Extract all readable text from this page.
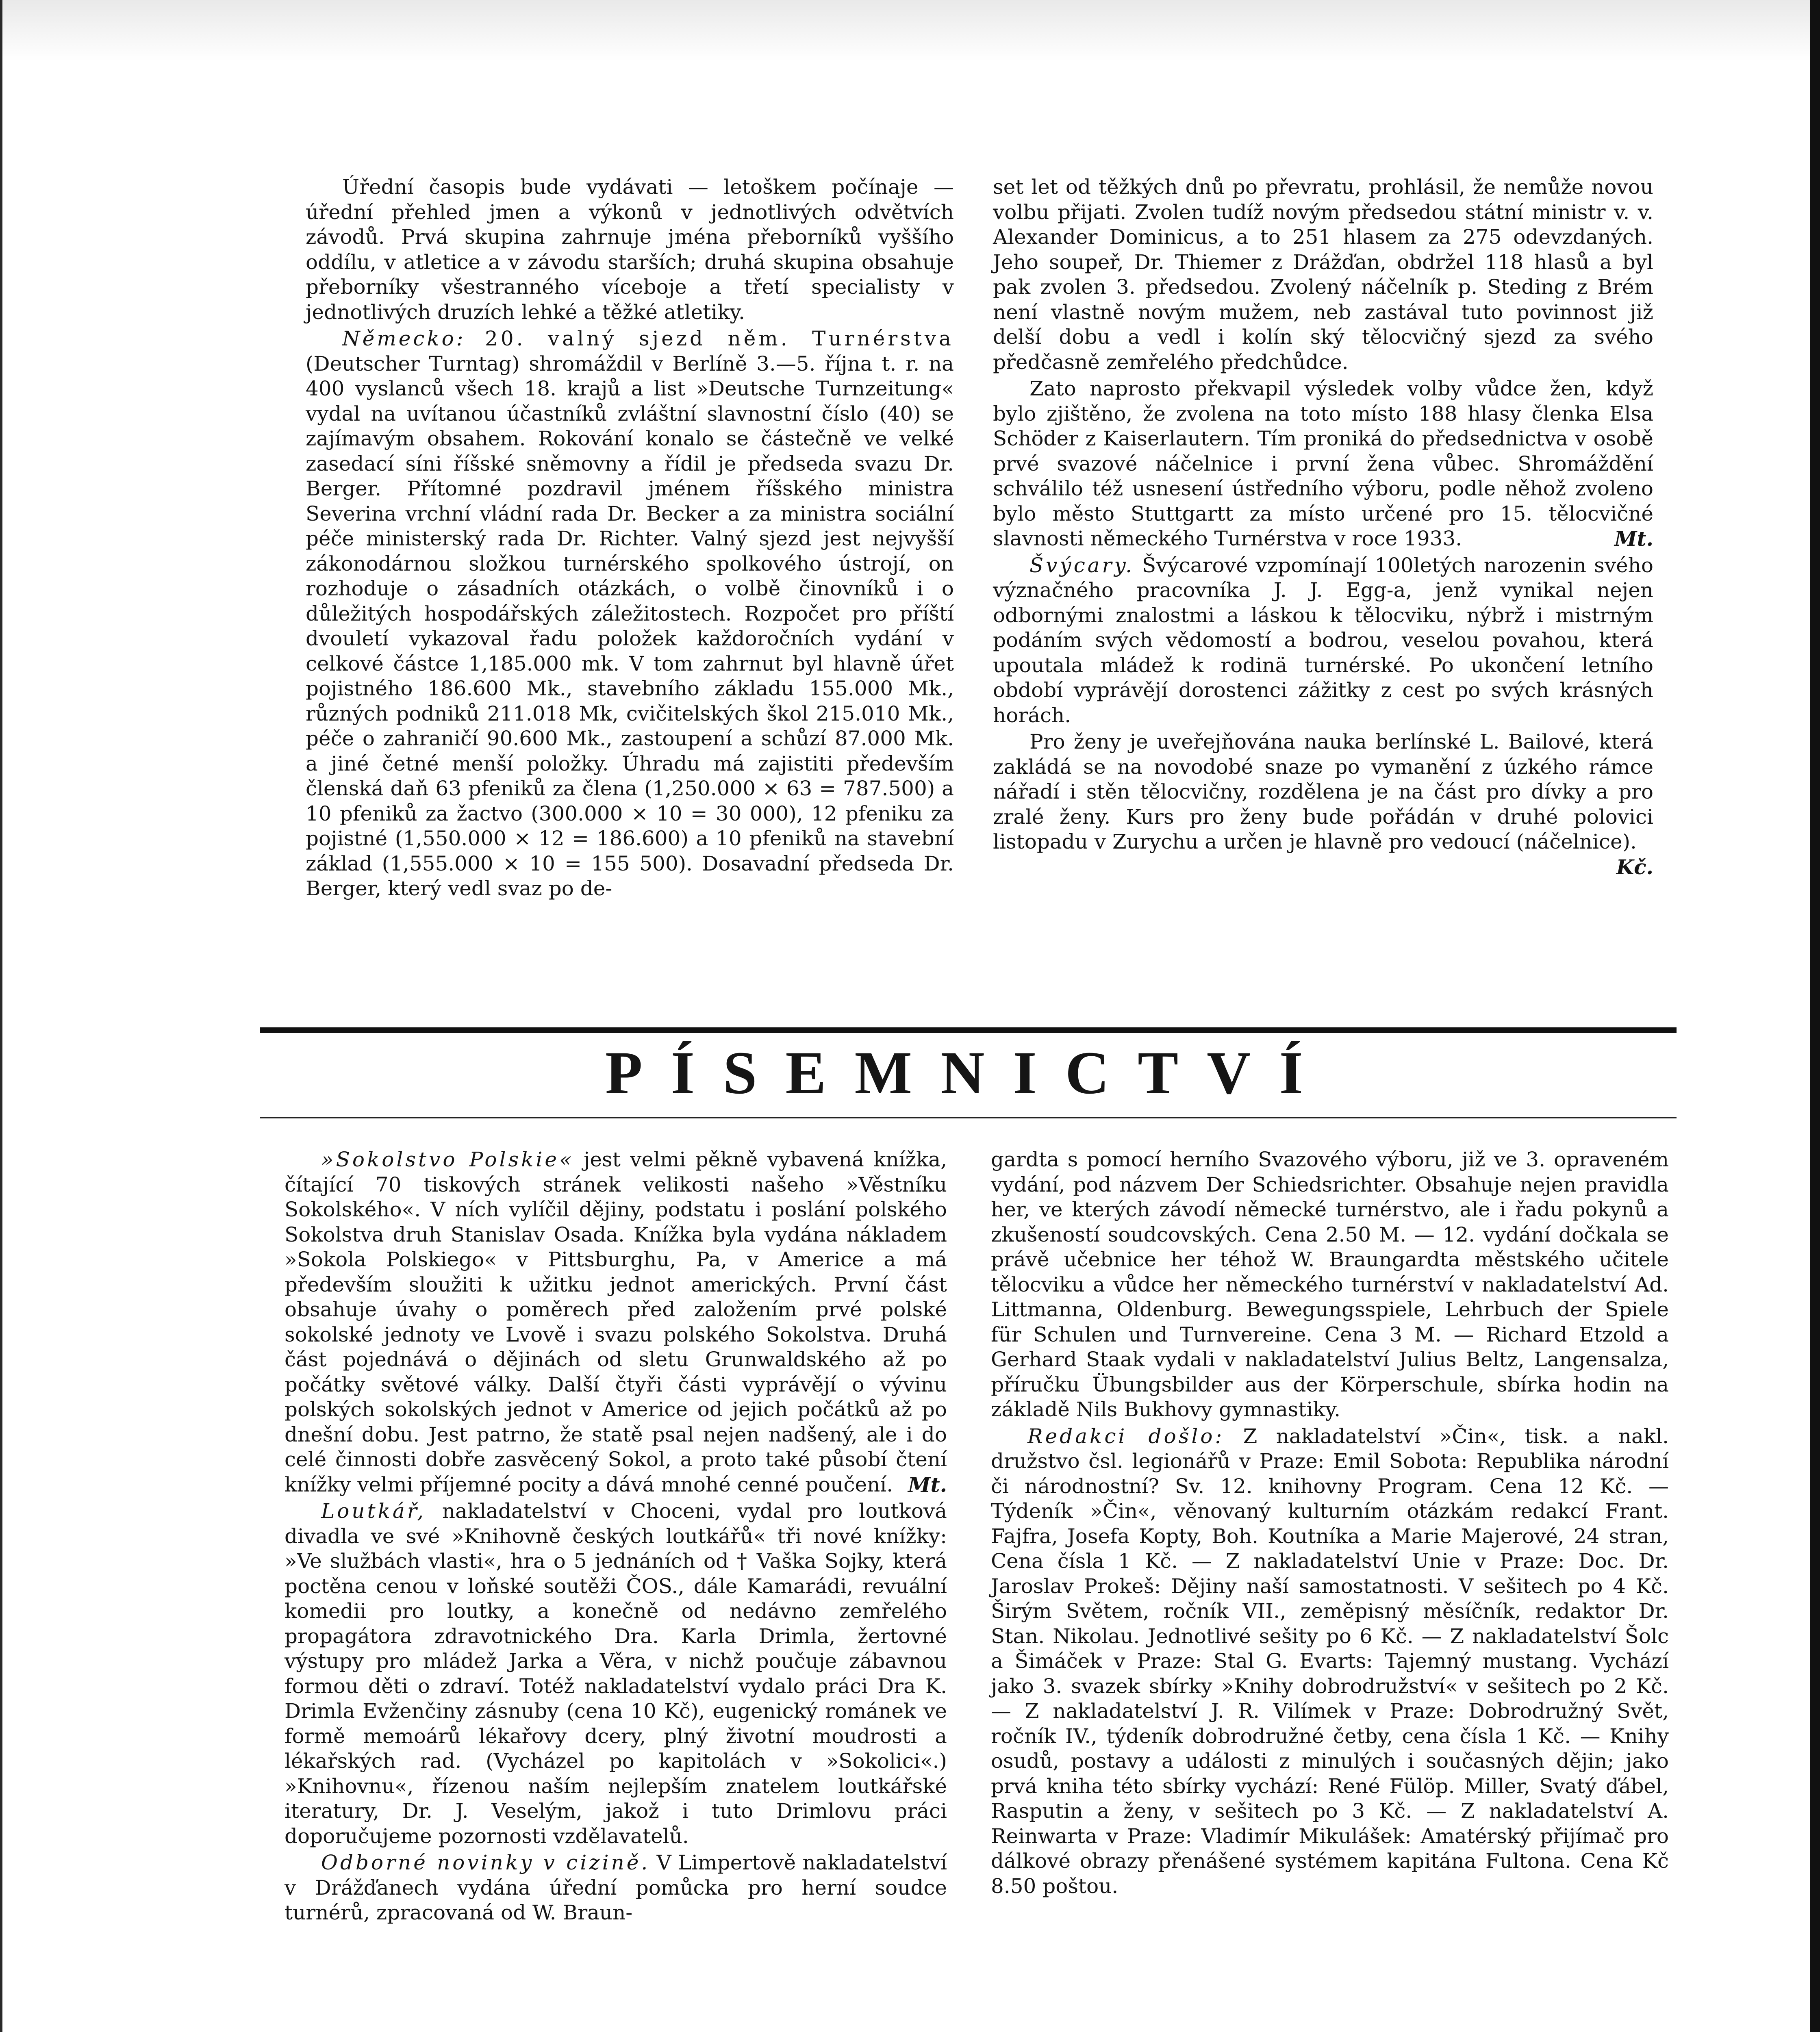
Úřední časopis bude vydávati — letoškem počínaje — úřední přehled jmen a výkonů v jednotlivých odvětvích závodů. Prvá skupina zahrnuje jména přeborníků vyššího oddílu, v atletice a v závodu starších; druhá skupina obsahuje přeborníky všestranného víceboje a třetí specialisty v jednotlivých druzích lehké a těžké atletiky.

Německo: 20. valný sjezd něm. Turnérstva (Deutscher Turntag) shromáždil v Berlíně 3.—5. října t. r. na 400 vyslanců všech 18. krajů a list »Deutsche Turnzeitung« vydal na uvítanou účastníků zvláštní slavnostní číslo (40) se zajímavým obsahem. Rokování konalo se částečně ve velké zasedací síni říšské sněmovny a řídil je předseda svazu Dr. Berger. Přítomné pozdravil jménem říšského ministra Severina vrchní vládní rada Dr. Becker a za ministra sociální péče ministerský rada Dr. Richter. Valný sjezd jest nejvyšší zákonodárnou složkou turnérského spolkového ústrojí, on rozhoduje o zásadních otázkách, o volbě činovníků i o důležitých hospodářských záležitostech. Rozpočet pro příští dvouletí vykazoval řadu položek každoročních vydání v celkové částce 1,185.000 mk. V tom zahrnut byl hlavně úřet pojistného 186.600 Mk., stavebního základu 155.000 Mk., různých podniků 211.018 Mk, cvičitelských škol 215.010 Mk., péče o zahraničí 90.600 Mk., zastoupení a schůzí 87.000 Mk. a jiné četné menší položky. Úhradu má zajistiti především členská daň 63 pfeniků za člena (1,250.000 × 63 = 787.500) a 10 pfeniků za žactvo (300.000 × 10 = 30 000), 12 pfeniku za pojistné (1,550.000 × 12 = 186.600) a 10 pfeniků na stavební základ (1,555.000 × 10 = 155 500). Dosavadní předseda Dr. Berger, který vedl svaz po de-

set let od těžkých dnů po převratu, prohlásil, že nemůže novou volbu přijati. Zvolen tudíž novým předsedou státní ministr v. v. Alexander Dominicus, a to 251 hlasem za 275 odevzdaných. Jeho soupeř, Dr. Thiemer z Drážďan, obdržel 118 hlasů a byl pak zvolen 3. předsedou. Zvolený náčelník p. Steding z Brém není vlastně novým mužem, neb zastával tuto povinnost již delší dobu a vedl i kolín ský tělocvičný sjezd za svého předčasně zemřelého předchůdce.

Zato naprosto překvapil výsledek volby vůdce žen, když bylo zjištěno, že zvolena na toto místo 188 hlasy členka Elsa Schöder z Kaiserlautern. Tím proniká do předsednictva v osobě prvé svazové náčelnice i první žena vůbec. Shromáždění schválilo též usnesení ústředního výboru, podle něhož zvoleno bylo město Stuttgartt za místo určené pro 15. tělocvičné slavnosti německého Turnérstva v roce 1933.	Mt.

Švýcary. Švýcarové vzpomínají 100letých narozenin svého význačného pracovníka J. J. Egg-a, jenž vynikal nejen odbornými znalostmi a láskou k tělocviku, nýbrž i mistrným podáním svých vědomostí a bodrou, veselou povahou, která upoutala mládež k rodinä turnérské. Po ukončení letního období vyprávějí dorostenci zážitky z cest po svých krásných horách.

Pro ženy je uveřejňována nauka berlínské L. Bailové, která zakládá se na novodobé snaze po vymanění z úzkého rámce nářadí i stěn tělocvičny, rozdělena je na část pro dívky a pro zralé ženy. Kurs pro ženy bude pořádán v druhé polovici listopadu v Zurychu a určen je hlavně pro vedoucí (náčelnice).
Kč.

PÍSEMNICTVÍ

»Sokolstvo Polskie« jest velmi pěkně vybavená knížka, čítající 70 tiskových stránek velikosti našeho »Věstníku Sokolského«. V ních vylíčil dějiny, podstatu i poslání polského Sokolstva druh Stanislav Osada. Knížka byla vydána nákladem »Sokola Polskiego« v Pittsburghu, Pa, v Americe a má především sloužiti k užitku jednot amerických. První část obsahuje úvahy o poměrech před založením prvé polské sokolské jednoty ve Lvově i svazu polského Sokolstva. Druhá část pojednává o dějinách od sletu Grunwaldského až po počátky světové války. Další čtyři části vyprávějí o vývinu polských sokolských jednot v Americe od jejich počátků až po dnešní dobu. Jest patrno, že statě psal nejen nadšený, ale i do celé činnosti dobře zasvěcený Sokol, a proto také působí čtení knížky velmi příjemné pocity a dává mnohé cenné poučení. Mt.

Loutkář, nakladatelství v Choceni, vydal pro loutková divadla ve své »Knihovně českých loutkářů« tři nové knížky: »Ve službách vlasti«, hra o 5 jednáních od † Vaška Sojky, která poctěna cenou v loňské soutěži ČOS., dále Kamarádi, revuální komedii pro loutky, a konečně od nedávno zemřelého propagátora zdravotnického Dra. Karla Drimla, žertovné výstupy pro mládež Jarka a Věra, v nichž poučuje zábavnou formou děti o zdraví. Totéž nakladatelství vydalo práci Dra K. Drimla Evženčiny zásnuby (cena 10 Kč), eugenický románek ve formě memoárů lékařovy dcery, plný životní moudrosti a lékařských rad. (Vycházel po kapitolách v »Sokolici«.) »Knihovnu«, řízenou naším nejlepším znatelem loutkářské iteratury, Dr. J. Veselým, jakož i tuto Drimlovu práci doporučujeme pozornosti vzdělavatelů.

Odborné novinky v cizině. V Limpertově nakladatelství v Drážďanech vydána úřední pomůcka pro herní soudce turnérů, zpracovaná od W. Braun-

gardta s pomocí herního Svazového výboru, již ve 3. opraveném vydání, pod názvem Der Schiedsrichter. Obsahuje nejen pravidla her, ve kterých závodí německé turnérstvo, ale i řadu pokynů a zkušeností soudcovských. Cena 2.50 M. — 12. vydání dočkala se právě učebnice her téhož W. Braungardta městského učitele tělocviku a vůdce her německého turnérství v nakladatelství Ad. Littmanna, Oldenburg. Bewegungsspiele, Lehrbuch der Spiele für Schulen und Turnvereine. Cena 3 M. — Richard Etzold a Gerhard Staak vydali v nakladatelství Julius Beltz, Langensalza, příručku Übungsbilder aus der Körperschule, sbírka hodin na základě Nils Bukhovy gymnastiky.

Redakci došlo: Z nakladatelství »Čin«, tisk. a nakl. družstvo čsl. legionářů v Praze: Emil Sobota: Republika národní či národnostní? Sv. 12. knihovny Program. Cena 12 Kč. — Týdeník »Čin«, věnovaný kulturním otázkám redakcí Frant. Fajfra, Josefa Kopty, Boh. Koutníka a Marie Majerové, 24 stran, Cena čísla 1 Kč. — Z nakladatelství Unie v Praze: Doc. Dr. Jaroslav Prokeš: Dějiny naší samostatnosti. V sešitech po 4 Kč. Širým Světem, ročník VII., zeměpisný měsíčník, redaktor Dr. Stan. Nikolau. Jednotlivé sešity po 6 Kč. — Z nakladatelství Šolc a Šimáček v Praze: Stal G. Evarts: Tajemný mustang. Vychází jako 3. svazek sbírky »Knihy dobrodružství« v sešitech po 2 Kč. — Z nakladatelství J. R. Vilímek v Praze: Dobrodružný Svět, ročník IV., týdeník dobrodružné četby, cena čísla 1 Kč. — Knihy osudů, postavy a události z minulých i současných dějin; jako prvá kniha této sbírky vychází: René Fülöp. Miller, Svatý ďábel, Rasputin a ženy, v sešitech po 3 Kč. — Z nakladatelství A. Reinwarta v Praze: Vladimír Mikulášek: Amatérský přijímač pro dálkové obrazy přenášené systémem kapitána Fultona. Cena Kč 8.50 poštou.
